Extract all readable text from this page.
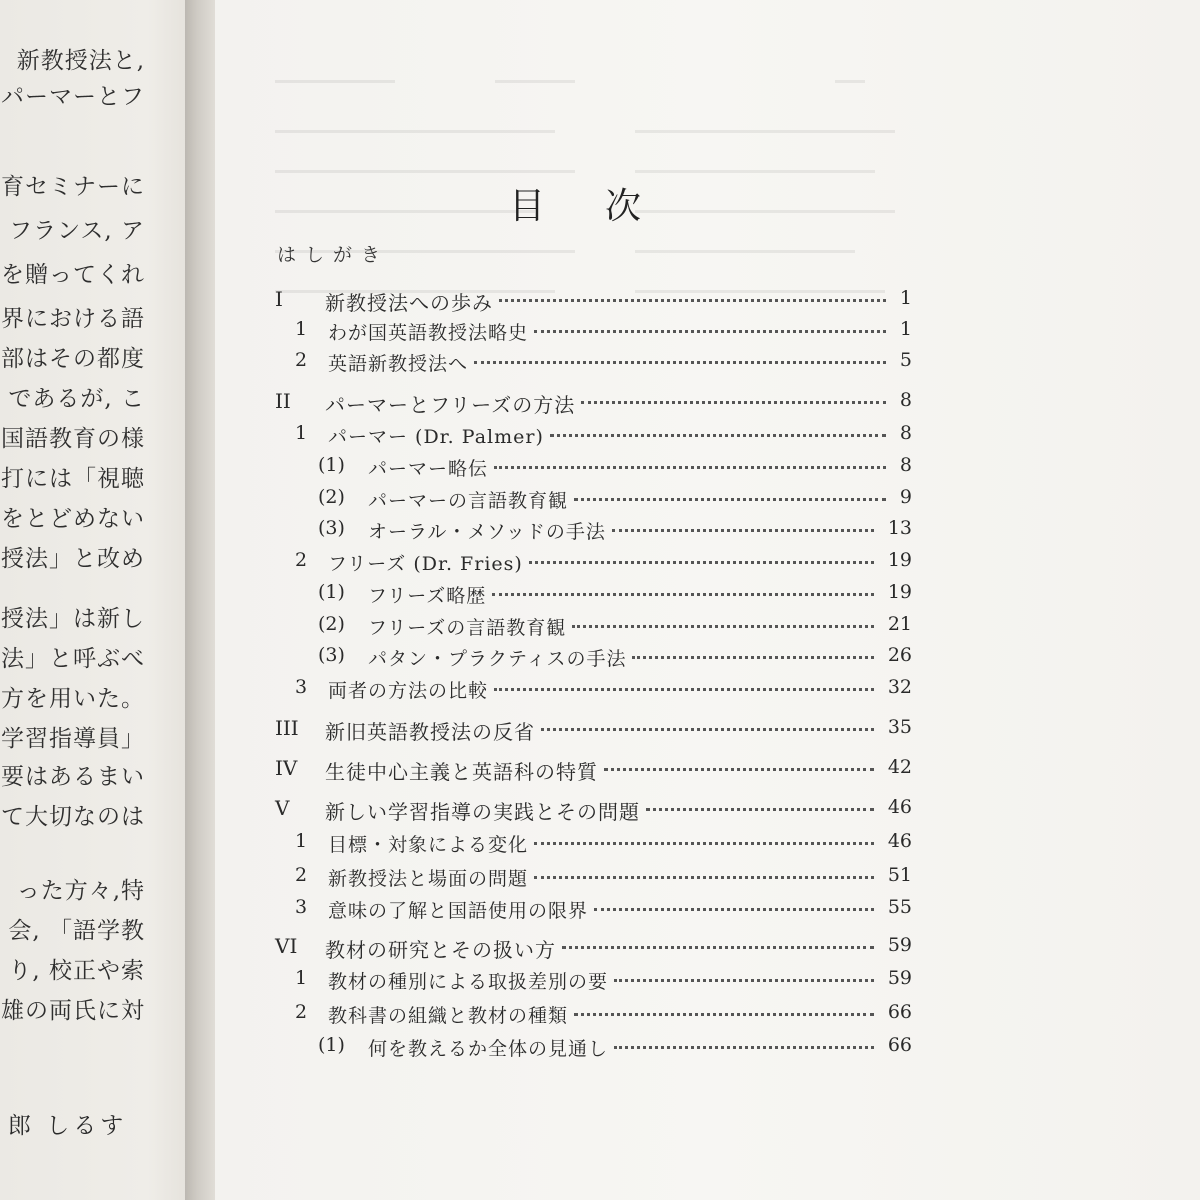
新教授法と,
パーマーとフ
育セミナーに
フランス, ア
を贈ってくれ
界における語
部はその都度
であるが, こ
国語教育の様
打には「視聴
をとどめない
授法」と改め
授法」は新し
法」と呼ぶべ
方を用いた。
学習指導員」
要はあるまい
て大切なのは
った方々,特
会, 「語学教
り, 校正や索
雄の両氏に対
郎 しるす
目次
はしがき
I 新教授法への歩み	1
1 わが国英語教授法略史	1
2 英語新教授法へ	5
II パーマーとフリーズの方法	8
1 パーマー (Dr. Palmer)	8
(1) パーマー略伝	8
(2) パーマーの言語教育観	9
(3) オーラル・メソッドの手法	13
2 フリーズ (Dr. Fries)	19
(1) フリーズ略歴	19
(2) フリーズの言語教育観	21
(3) パタン・プラクティスの手法	26
3 両者の方法の比較	32
III 新旧英語教授法の反省	35
IV 生徒中心主義と英語科の特質	42
V 新しい学習指導の実践とその問題	46
1 目標・対象による変化	46
2 新教授法と場面の問題	51
3 意味の了解と国語使用の限界	55
VI 教材の研究とその扱い方	59
1 教材の種別による取扱差別の要	59
2 教科書の組織と教材の種類	66
(1) 何を教えるか全体の見通し	66
